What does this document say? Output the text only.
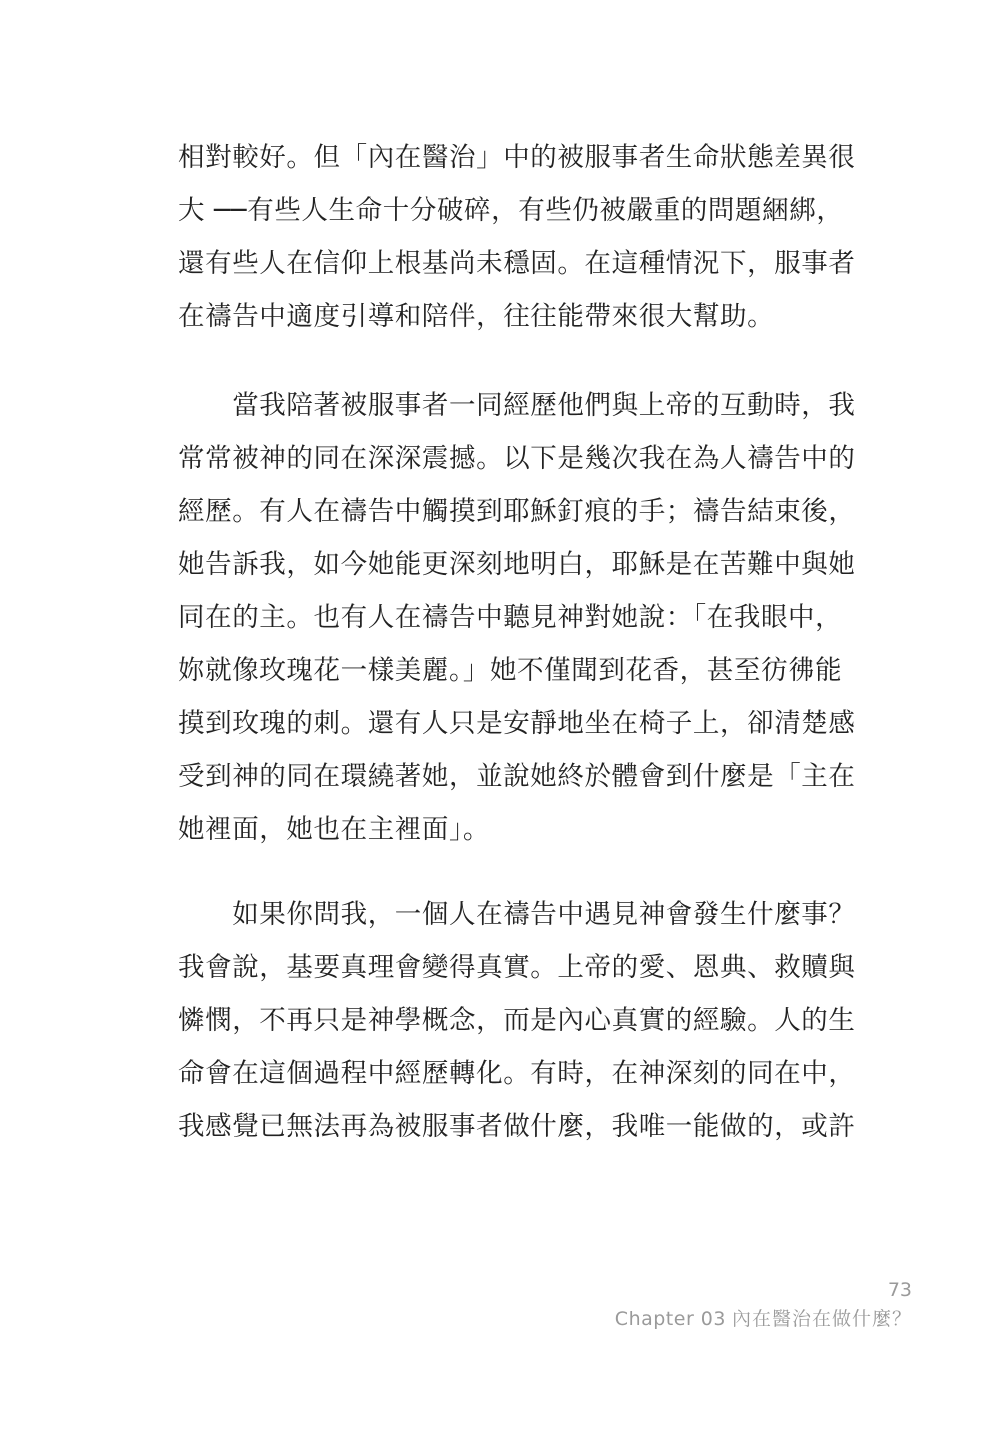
相對較好。但「內在醫治」中的被服事者生命狀態差異很
大 ──有些人生命十分破碎，有些仍被嚴重的問題綑綁，
還有些人在信仰上根基尚未穩固。在這種情況下，服事者
在禱告中適度引導和陪伴，往往能帶來很大幫助。
　　當我陪著被服事者一同經歷他們與上帝的互動時，我
常常被神的同在深深震撼。以下是幾次我在為人禱告中的
經歷。有人在禱告中觸摸到耶穌釘痕的手；禱告結束後，
她告訴我，如今她能更深刻地明白，耶穌是在苦難中與她
同在的主。也有人在禱告中聽見神對她說：「在我眼中，
妳就像玫瑰花一樣美麗。」她不僅聞到花香，甚至彷彿能
摸到玫瑰的刺。還有人只是安靜地坐在椅子上，卻清楚感
受到神的同在環繞著她，並說她終於體會到什麼是「主在
她裡面，她也在主裡面」。
　　如果你問我，一個人在禱告中遇見神會發生什麼事？
我會說，基要真理會變得真實。上帝的愛、恩典、救贖與
憐憫，不再只是神學概念，而是內心真實的經驗。人的生
命會在這個過程中經歷轉化。有時，在神深刻的同在中，
我感覺已無法再為被服事者做什麼，我唯一能做的，或許
73
Chapter 03 內在醫治在做什麼？
